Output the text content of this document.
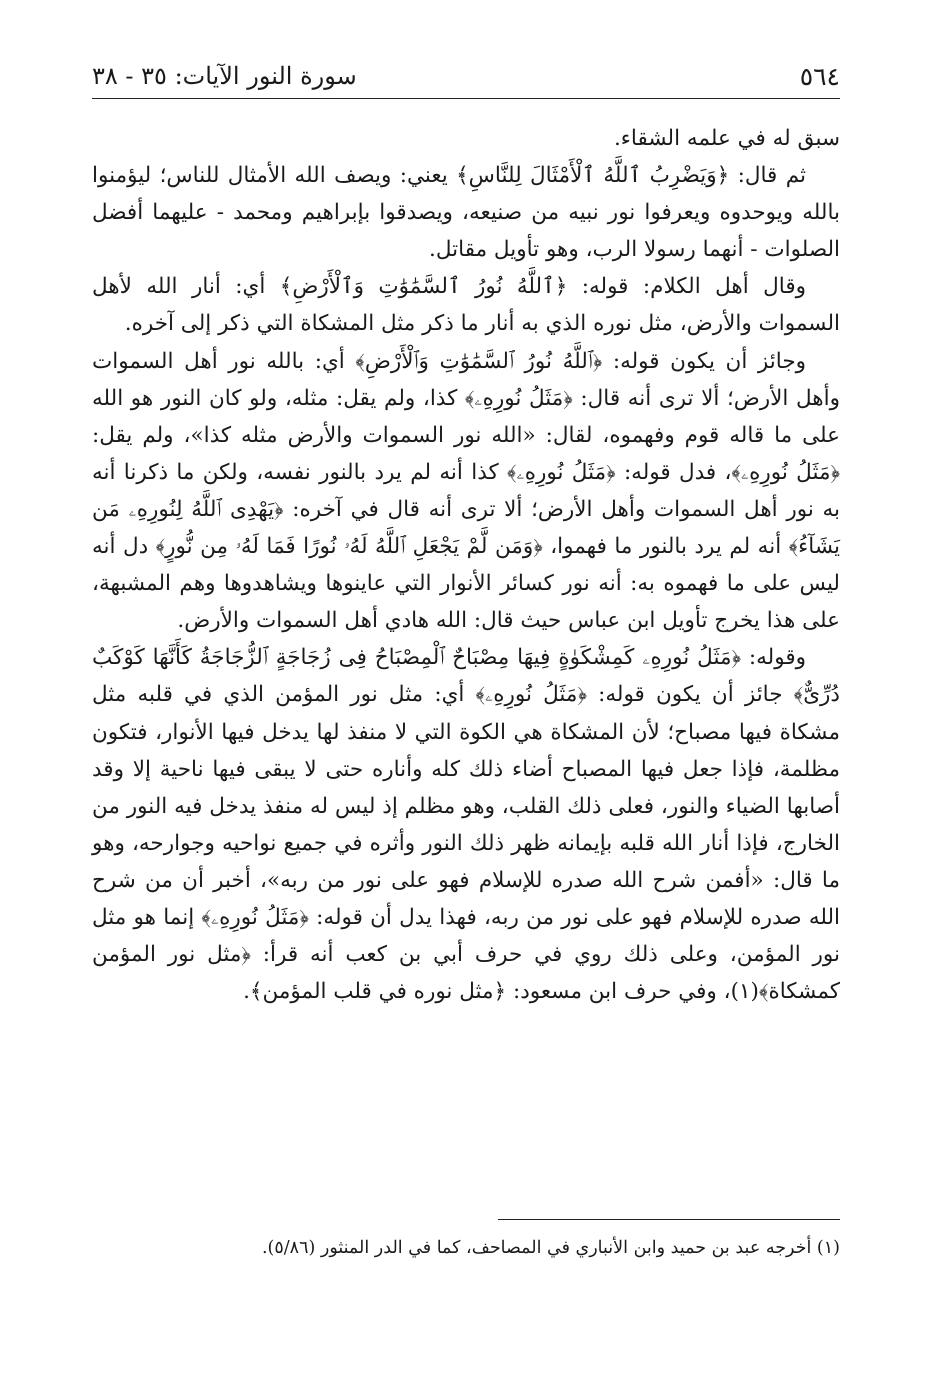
٥٦٤
سورة النور الآيات: ٣٥ - ٣٨

سبق له في علمه الشقاء.

ثم قال: ﴿وَيَضْرِبُ ٱللَّهُ ٱلْأَمْثَالَ لِلنَّاسِ﴾ يعني: ويصف الله الأمثال للناس؛ ليؤمنوا بالله ويوحدوه ويعرفوا نور نبيه من صنيعه، ويصدقوا بإبراهيم ومحمد - عليهما أفضل الصلوات - أنهما رسولا الرب، وهو تأويل مقاتل.

وقال أهل الكلام: قوله: ﴿ٱللَّهُ نُورُ ٱلسَّمَٰوَٰتِ وَٱلْأَرْضِ﴾ أي: أنار الله لأهل السموات والأرض، مثل نوره الذي به أنار ما ذكر مثل المشكاة التي ذكر إلى آخره.

وجائز أن يكون قوله: ﴿ٱللَّهُ نُورُ ٱلسَّمَٰوَٰتِ وَٱلْأَرْضِ﴾ أي: بالله نور أهل السموات وأهل الأرض؛ ألا ترى أنه قال: ﴿مَثَلُ نُورِهِۦ﴾ كذا، ولم يقل: مثله، ولو كان النور هو الله على ما قاله قوم وفهموه، لقال: «الله نور السموات والأرض مثله كذا»، ولم يقل: ﴿مَثَلُ نُورِهِۦ﴾، فدل قوله: ﴿مَثَلُ نُورِهِۦ﴾ كذا أنه لم يرد بالنور نفسه، ولكن ما ذكرنا أنه به نور أهل السموات وأهل الأرض؛ ألا ترى أنه قال في آخره: ﴿يَهْدِى ٱللَّهُ لِنُورِهِۦ مَن يَشَآءُ﴾ أنه لم يرد بالنور ما فهموا، ﴿وَمَن لَّمْ يَجْعَلِ ٱللَّهُ لَهُۥ نُورًا فَمَا لَهُۥ مِن نُّورٍ﴾ دل أنه ليس على ما فهموه به: أنه نور كسائر الأنوار التي عاينوها ويشاهدوها وهم المشبهة، على هذا يخرج تأويل ابن عباس حيث قال: الله هادي أهل السموات والأرض.

وقوله: ﴿مَثَلُ نُورِهِۦ كَمِشْكَوٰةٍ فِيهَا مِصْبَاحٌ ٱلْمِصْبَاحُ فِى زُجَاجَةٍ ٱلزُّجَاجَةُ كَأَنَّهَا كَوْكَبٌ دُرِّىٌّ﴾ جائز أن يكون قوله: ﴿مَثَلُ نُورِهِۦ﴾ أي: مثل نور المؤمن الذي في قلبه مثل مشكاة فيها مصباح؛ لأن المشكاة هي الكوة التي لا منفذ لها يدخل فيها الأنوار، فتكون مظلمة، فإذا جعل فيها المصباح أضاء ذلك كله وأناره حتى لا يبقى فيها ناحية إلا وقد أصابها الضياء والنور، فعلى ذلك القلب، وهو مظلم إذ ليس له منفذ يدخل فيه النور من الخارج، فإذا أنار الله قلبه بإيمانه ظهر ذلك النور وأثره في جميع نواحيه وجوارحه، وهو ما قال: «أفمن شرح الله صدره للإسلام فهو على نور من ربه»، أخبر أن من شرح الله صدره للإسلام فهو على نور من ربه، فهذا يدل أن قوله: ﴿مَثَلُ نُورِهِۦ﴾ إنما هو مثل نور المؤمن، وعلى ذلك روي في حرف أبي بن كعب أنه قرأ: ﴿مثل نور المؤمن كمشكاة﴾(١)، وفي حرف ابن مسعود: ﴿مثل نوره في قلب المؤمن﴾.

(١) أخرجه عبد بن حميد وابن الأنباري في المصاحف، كما في الدر المنثور (٥/٨٦).
